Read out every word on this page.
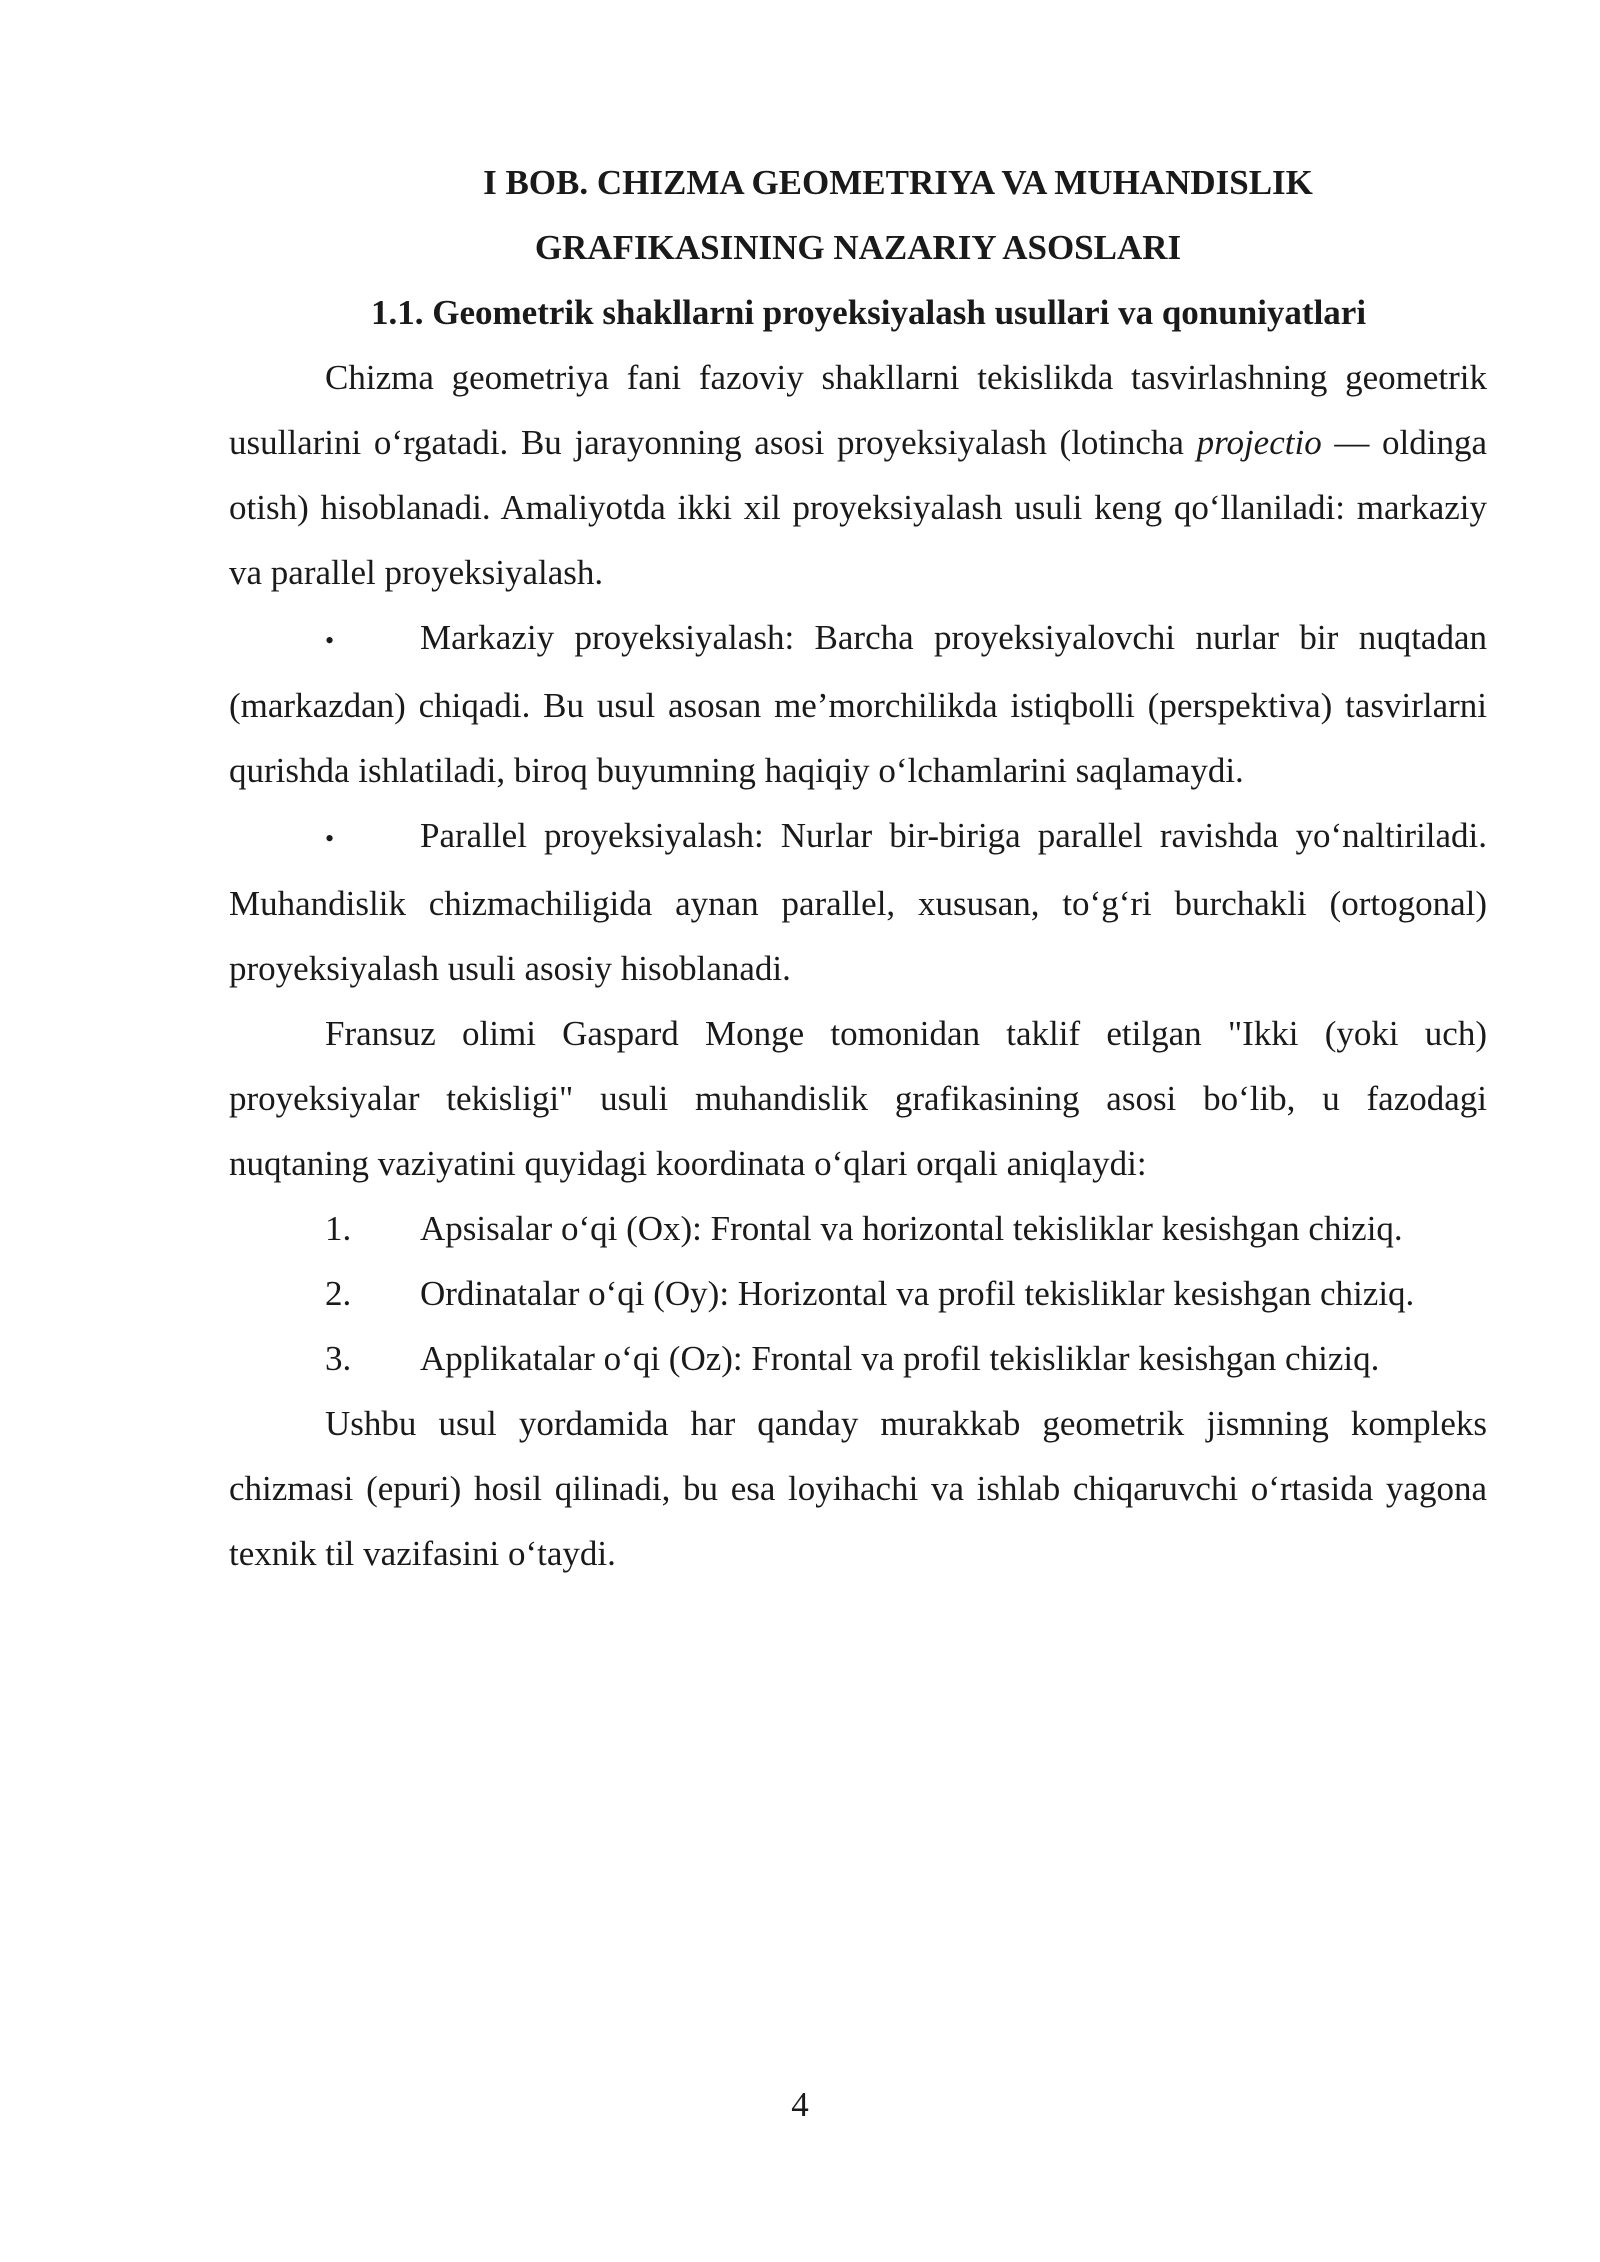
I BOB. CHIZMA GEOMETRIYA VA MUHANDISLIK
GRAFIKASINING NAZARIY ASOSLARI
1.1. Geometrik shakllarni proyeksiyalash usullari va qonuniyatlari

Chizma geometriya fani fazoviy shakllarni tekislikda tasvirlashning geometrik usullarini o‘rgatadi. Bu jarayonning asosi proyeksiyalash (lotincha projectio — oldinga otish) hisoblanadi. Amaliyotda ikki xil proyeksiyalash usuli keng qo‘llaniladi: markaziy va parallel proyeksiyalash.

• Markaziy proyeksiyalash: Barcha proyeksiyalovchi nurlar bir nuqtadan (markazdan) chiqadi. Bu usul asosan me’morchilikda istiqbolli (perspektiva) tasvirlarni qurishda ishlatiladi, biroq buyumning haqiqiy o‘lchamlarini saqlamaydi.

• Parallel proyeksiyalash: Nurlar bir-biriga parallel ravishda yo‘naltiriladi. Muhandislik chizmachiligida aynan parallel, xususan, to‘g‘ri burchakli (ortogonal) proyeksiyalash usuli asosiy hisoblanadi.

Fransuz olimi Gaspard Monge tomonidan taklif etilgan "Ikki (yoki uch) proyeksiyalar tekisligi" usuli muhandislik grafikasining asosi bo‘lib, u fazodagi nuqtaning vaziyatini quyidagi koordinata o‘qlari orqali aniqlaydi:

1. Apsisalar o‘qi (Ox): Frontal va horizontal tekisliklar kesishgan chiziq.

2. Ordinatalar o‘qi (Oy): Horizontal va profil tekisliklar kesishgan chiziq.

3. Applikatalar o‘qi (Oz): Frontal va profil tekisliklar kesishgan chiziq.

Ushbu usul yordamida har qanday murakkab geometrik jismning kompleks chizmasi (epuri) hosil qilinadi, bu esa loyihachi va ishlab chiqaruvchi o‘rtasida yagona texnik til vazifasini o‘taydi.

4
